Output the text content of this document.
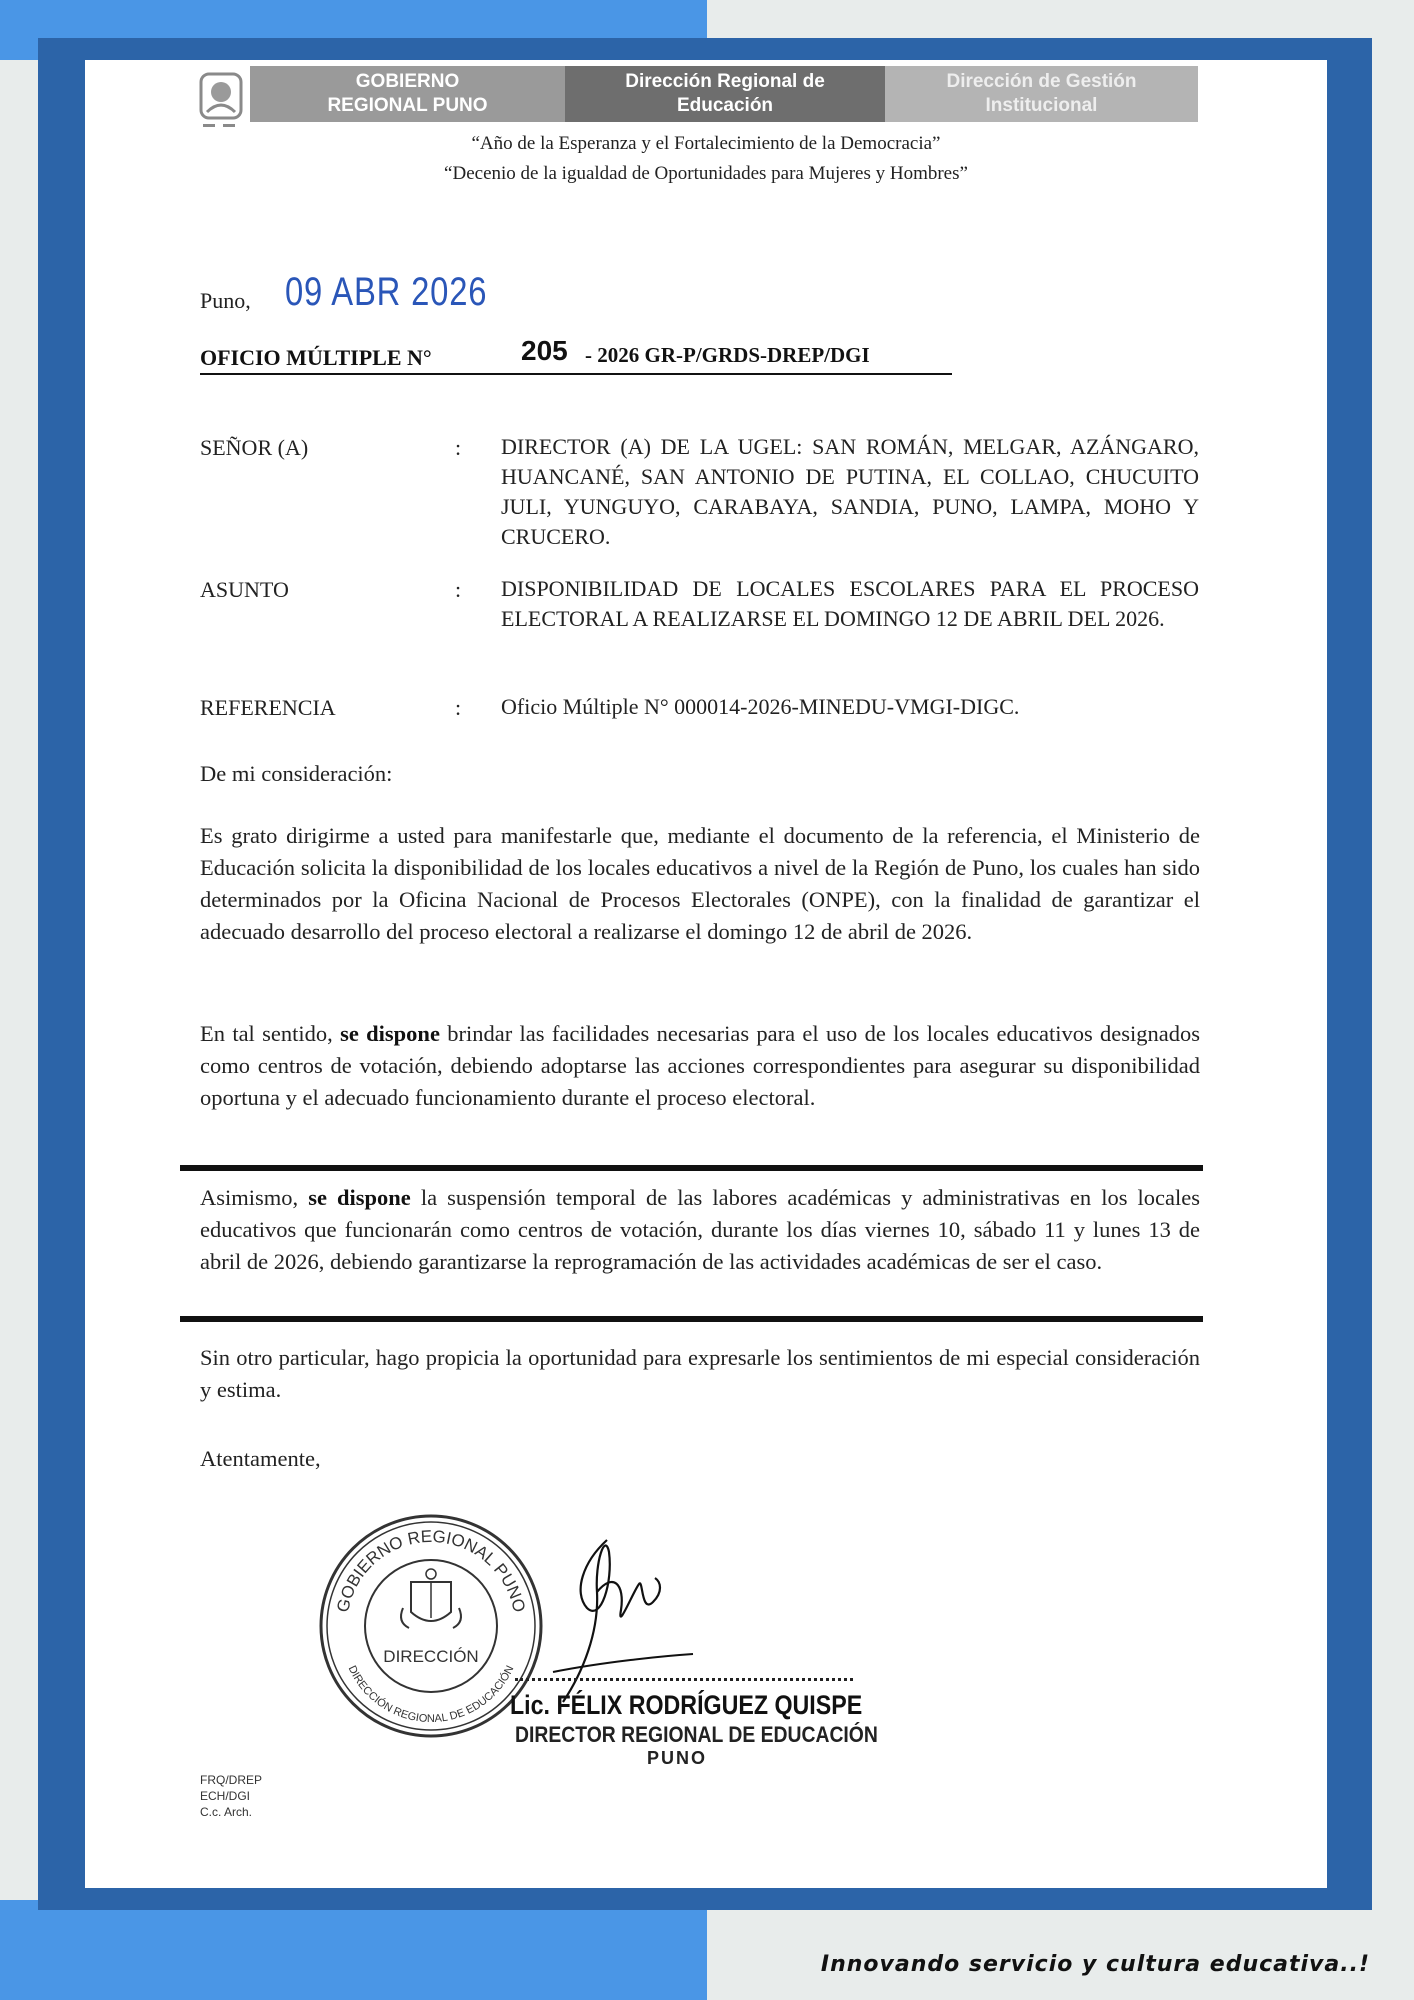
GOBIERNO
REGIONAL PUNO
Dirección Regional de
Educación
Dirección de Gestión
Institucional
“Año de la Esperanza y el Fortalecimiento de la Democracia”
“Decenio de la igualdad de Oportunidades para Mujeres y Hombres”
Puno, 09 ABR 2026
OFICIO MÚLTIPLE N°	205 - 2026 GR-P/GRDS-DREP/DGI
SEÑOR (A)	: DIRECTOR (A) DE LA UGEL: SAN ROMÁN, MELGAR, AZÁNGARO, HUANCANÉ, SAN ANTONIO DE PUTINA, EL COLLAO, CHUCUITO JULI, YUNGUYO, CARABAYA, SANDIA, PUNO, LAMPA, MOHO Y CRUCERO.
ASUNTO	: DISPONIBILIDAD DE LOCALES ESCOLARES PARA EL PROCESO ELECTORAL A REALIZARSE EL DOMINGO 12 DE ABRIL DEL 2026.
REFERENCIA	: Oficio Múltiple N° 000014-2026-MINEDU-VMGI-DIGC.
De mi consideración:
Es grato dirigirme a usted para manifestarle que, mediante el documento de la referencia, el Ministerio de Educación solicita la disponibilidad de los locales educativos a nivel de la Región de Puno, los cuales han sido determinados por la Oficina Nacional de Procesos Electorales (ONPE), con la finalidad de garantizar el adecuado desarrollo del proceso electoral a realizarse el domingo 12 de abril de 2026.
En tal sentido, se dispone brindar las facilidades necesarias para el uso de los locales educativos designados como centros de votación, debiendo adoptarse las acciones correspondientes para asegurar su disponibilidad oportuna y el adecuado funcionamiento durante el proceso electoral.
Asimismo, se dispone la suspensión temporal de las labores académicas y administrativas en los locales educativos que funcionarán como centros de votación, durante los días viernes 10, sábado 11 y lunes 13 de abril de 2026, debiendo garantizarse la reprogramación de las actividades académicas de ser el caso.
Sin otro particular, hago propicia la oportunidad para expresarle los sentimientos de mi especial consideración y estima.
Atentamente,
GOBIERNO REGIONAL PUNO
DIRECCIÓN REGIONAL DE EDUCACIÓN
DIRECCIÓN
Lic. FÉLIX RODRÍGUEZ QUISPE
DIRECTOR REGIONAL DE EDUCACIÓN
PUNO
FRQ/DREP
ECH/DGI
C.c. Arch.
Innovando servicio y cultura educativa..!
